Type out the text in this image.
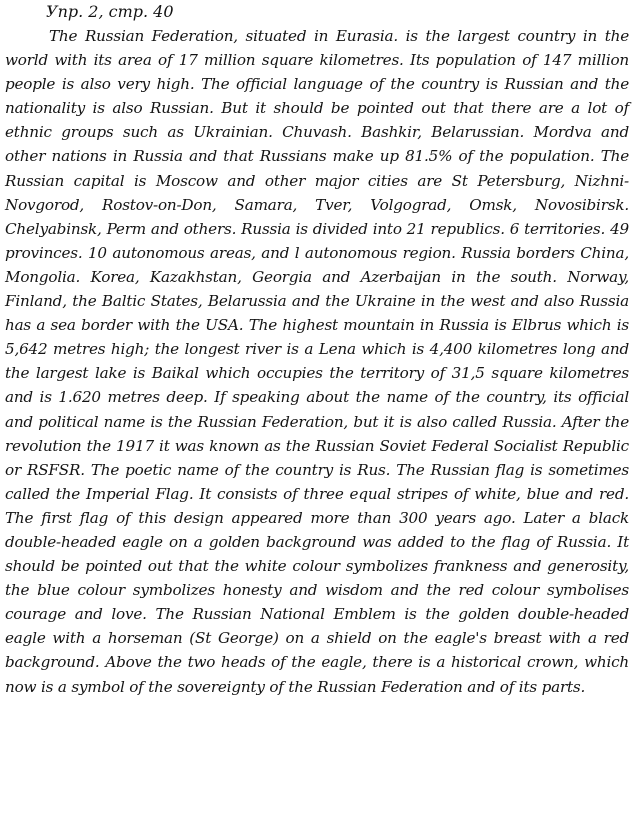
Упр. 2, стр. 40

The Russian Federation, situated in Eurasia. is the largest country in the world with its area of 17 million square kilometres. Its population of 147 million people is also very high. The official language of the country is Russian and the nationality is also Russian. But it should be pointed out that there are a lot of ethnic groups such as Ukrainian. Chuvash. Bashkir, Belarussian. Mordva and other nations in Russia and that Russians make up 81.5% of the population. The Russian capital is Moscow and other major cities are St Petersburg, Nizhni-Novgorod, Rostov-on-Don, Samara, Tver, Volgograd, Omsk, Novosibirsk. Chelyabinsk, Perm and others. Russia is divided into 21 republics. 6 territories. 49 provinces. 10 autonomous areas, and l autonomous region. Russia borders China, Mongolia. Korea, Kazakhstan, Georgia and Azerbaijan in the south. Norway, Finland, the Baltic States, Belarussia and the Ukraine in the west and also Russia has a sea border with the USA. The highest mountain in Russia is Elbrus which is 5,642 metres high; the longest river is a Lena which is 4,400 kilometres long and the largest lake is Baikal which occupies the territory of 31,5 square kilometres and is 1.620 metres deep. If speaking about the name of the country, its official and political name is the Russian Federation, but it is also called Russia. After the revolution the 1917 it was known as the Russian Soviet Federal Socialist Republic or RSFSR. The poetic name of the country is Rus. The Russian flag is sometimes called the Imperial Flag. It consists of three equal stripes of white, blue and red. The first flag of this design appeared more than 300 years ago. Later a black double-headed eagle on a golden background was added to the flag of Russia. It should be pointed out that the white colour symbolizes frankness and generosity, the blue colour symbolizes honesty and wisdom and the red colour symbolises courage and love. The Russian National Emblem is the golden double-headed eagle with a horseman (St George) on a shield on the eagle's breast with a red background. Above the two heads of the eagle, there is a historical crown, which now is a symbol of the sovereignty of the Russian Federation and of its parts.
